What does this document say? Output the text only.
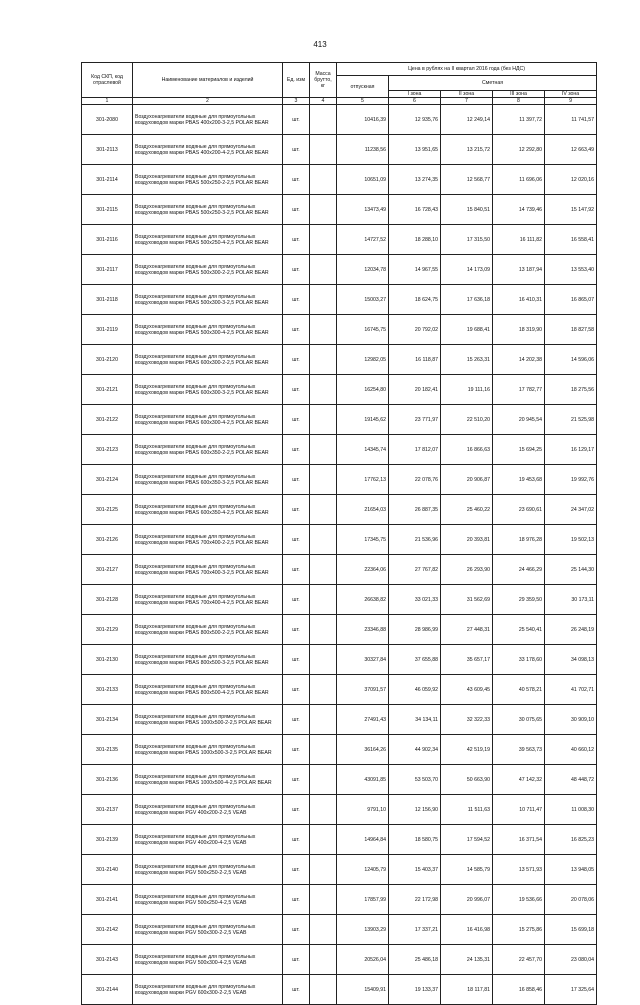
413
Код СКП, код отраслевой	Наименование материалов и изделий	Ед. изм	Масса брутто, кг	Цена в рублях на II квартал 2016 года (без НДС)				
				отпускная	Сметная			
					I зона	II зона	III зона	IV зона

1	2	3	4	5	6	7	8	9
301-2080	Воздухонагреватели водяные для прямоугольных воздуховодов марки PBAS 400x200-3-2,5 POLAR BEAR	шт.		10416,39	12 935,76	12 249,14	11 397,72	11 741,57
301-2113	Воздухонагреватели водяные для прямоугольных воздуховодов марки PBAS 400x200-4-2,5 POLAR BEAR	шт.		11238,56	13 951,65	13 215,72	12 292,80	12 663,49
301-2114	Воздухонагреватели водяные для прямоугольных воздуховодов марки PBAS 500x250-2-2,5 POLAR BEAR	шт.		10651,09	13 274,35	12 568,77	11 696,06	12 020,16
301-2115	Воздухонагреватели водяные для прямоугольных воздуховодов марки PBAS 500x250-3-2,5 POLAR BEAR	шт.		13473,49	16 728,43	15 840,51	14 739,46	15 147,92
301-2116	Воздухонагреватели водяные для прямоугольных воздуховодов марки PBAS 500x250-4-2,5 POLAR BEAR	шт.		14727,52	18 288,10	17 315,50	16 111,82	16 558,41
301-2117	Воздухонагреватели водяные для прямоугольных воздуховодов марки PBAS 500x300-2-2,5 POLAR BEAR	шт.		12034,78	14 967,55	14 173,09	13 187,94	13 553,40
301-2118	Воздухонагреватели водяные для прямоугольных воздуховодов марки PBAS 500x300-3-2,5 POLAR BEAR	шт.		15003,27	18 624,75	17 636,18	16 410,31	16 865,07
301-2119	Воздухонагреватели водяные для прямоугольных воздуховодов марки PBAS 500x300-4-2,5 POLAR BEAR	шт.		16745,75	20 792,02	19 688,41	18 319,90	18 827,58
301-2120	Воздухонагреватели водяные для прямоугольных воздуховодов марки PBAS 600x300-2-2,5 POLAR BEAR	шт.		12982,05	16 118,87	15 263,31	14 202,38	14 596,06
301-2121	Воздухонагреватели водяные для прямоугольных воздуховодов марки PBAS 600x300-3-2,5 POLAR BEAR	шт.		16254,80	20 182,41	19 111,16	17 782,77	18 275,56
301-2122	Воздухонагреватели водяные для прямоугольных воздуховодов марки PBAS 600x300-4-2,5 POLAR BEAR	шт.		19145,62	23 771,97	22 510,20	20 945,54	21 525,98
301-2123	Воздухонагреватели водяные для прямоугольных воздуховодов марки PBAS 600x350-2-2,5 POLAR BEAR	шт.		14345,74	17 812,07	16 866,63	15 694,25	16 129,17
301-2124	Воздухонагреватели водяные для прямоугольных воздуховодов марки PBAS 600x350-3-2,5 POLAR BEAR	шт.		17762,13	22 078,76	20 906,87	19 453,68	19 992,76
301-2125	Воздухонагреватели водяные для прямоугольных воздуховодов марки PBAS 600x350-4-2,5 POLAR BEAR	шт.		21654,03	26 887,35	25 460,22	23 690,61	24 347,02
301-2126	Воздухонагреватели водяные для прямоугольных воздуховодов марки PBAS 700x400-2-2,5 POLAR BEAR	шт.		17345,75	21 536,96	20 393,81	18 976,28	19 502,13
301-2127	Воздухонагреватели водяные для прямоугольных воздуховодов марки PBAS 700x400-3-2,5 POLAR BEAR	шт.		22364,06	27 767,82	26 293,90	24 466,29	25 144,30
301-2128	Воздухонагреватели водяные для прямоугольных воздуховодов марки PBAS 700x400-4-2,5 POLAR BEAR	шт.		26638,82	33 021,33	31 562,69	29 359,50	30 173,11
301-2129	Воздухонагреватели водяные для прямоугольных воздуховодов марки PBAS 800x500-2-2,5 POLAR BEAR	шт.		23346,88	28 986,99	27 448,31	25 540,41	26 248,19
301-2130	Воздухонагреватели водяные для прямоугольных воздуховодов марки PBAS 800x500-3-2,5 POLAR BEAR	шт.		30327,84	37 655,88	35 657,17	33 178,60	34 098,13
301-2133	Воздухонагреватели водяные для прямоугольных воздуховодов марки PBAS 800x500-4-2,5 POLAR BEAR	шт.		37091,57	46 059,92	43 609,45	40 578,21	41 702,71
301-2134	Воздухонагреватели водяные для прямоугольных воздуховодов марки PBAS 1000x500-2-2,5 POLAR BEAR	шт.		27491,43	34 134,11	32 322,33	30 075,65	30 909,10
301-2135	Воздухонагреватели водяные для прямоугольных воздуховодов марки PBAS 1000x500-3-2,5 POLAR BEAR	шт.		36164,26	44 902,34	42 519,19	39 563,73	40 660,12
301-2136	Воздухонагреватели водяные для прямоугольных воздуховодов марки PBAS 1000x500-4-2,5 POLAR BEAR	шт.		43091,85	53 503,70	50 663,90	47 142,32	48 448,72
301-2137	Воздухонагреватели водяные для прямоугольных воздуховодов марки PGV 400x200-2-2,5 VEAB	шт.		9791,10	12 156,90	11 511,63	10 711,47	11 008,30
301-2139	Воздухонагреватели водяные для прямоугольных воздуховодов марки PGV 400x200-4-2,5 VEAB	шт.		14964,84	18 580,75	17 594,52	16 371,54	16 825,23
301-2140	Воздухонагреватели водяные для прямоугольных воздуховодов марки PGV 500x250-2-2,5 VEAB	шт.		12405,79	15 403,37	14 585,79	13 571,93	13 948,05
301-2141	Воздухонагреватели водяные для прямоугольных воздуховодов марки PGV 500x250-4-2,5 VEAB	шт.		17857,99	22 172,98	20 996,07	19 536,66	20 078,06
301-2142	Воздухонагреватели водяные для прямоугольных воздуховодов марки PGV 500x300-2-2,5 VEAB	шт.		13903,29	17 337,21	16 416,98	15 275,86	15 699,18
301-2143	Воздухонагреватели водяные для прямоугольных воздуховодов марки PGV 500x300-4-2,5 VEAB	шт.		20526,04	25 486,18	24 135,31	22 457,70	23 080,04
301-2144	Воздухонагреватели водяные для прямоугольных воздуховодов марки PGV 600x300-2-2,5 VEAB	шт.		15409,91	19 133,37	18 117,81	16 858,46	17 325,64
